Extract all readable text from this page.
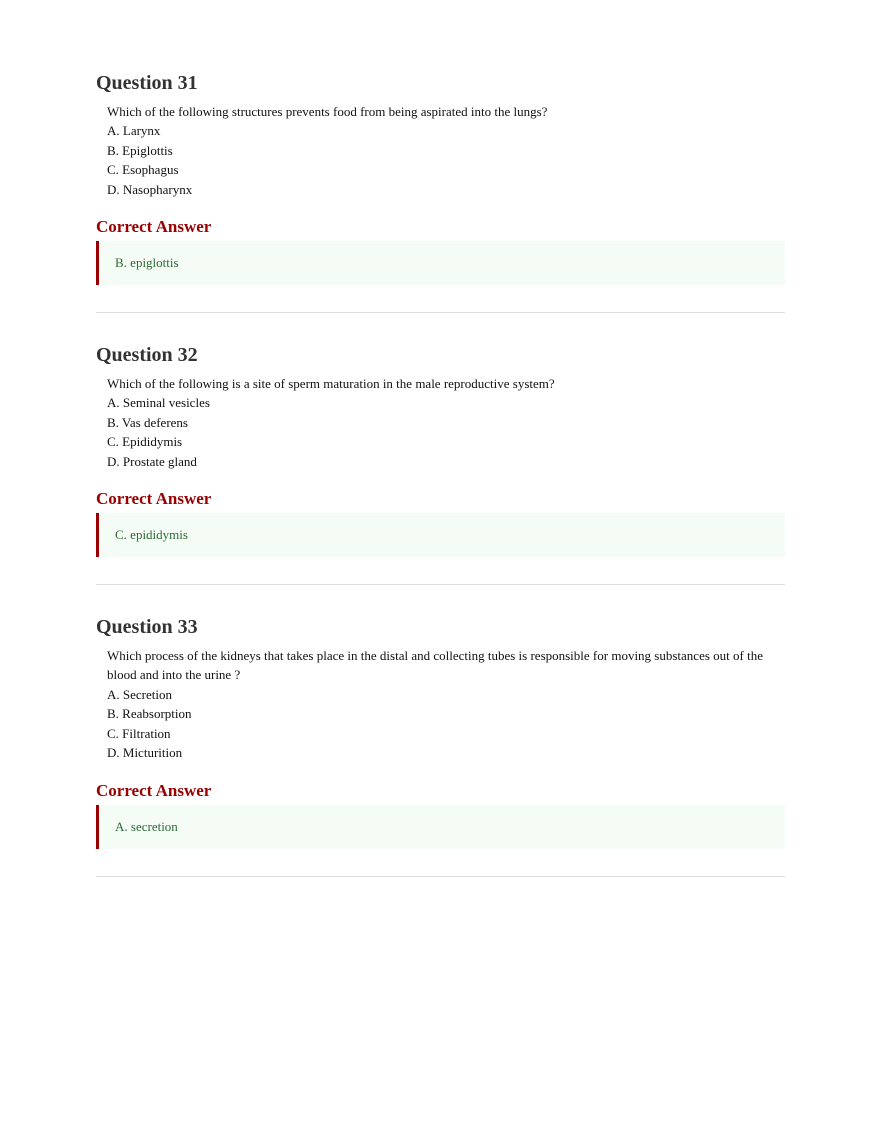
Question 31

Which of the following structures prevents food from being aspirated into the lungs?

A. Larynx
B. Epiglottis
C. Esophagus
D. Nasopharynx
Correct Answer
B. epiglottis
Question 32

Which of the following is a site of sperm maturation in the male reproductive system?

A. Seminal vesicles
B. Vas deferens
C. Epididymis
D. Prostate gland
Correct Answer
C. epididymis
Question 33

Which process of the kidneys that takes place in the distal and collecting tubes is responsible for moving substances out of the blood and into the urine ?

A. Secretion
B. Reabsorption
C. Filtration
D. Micturition
Correct Answer
A. secretion
